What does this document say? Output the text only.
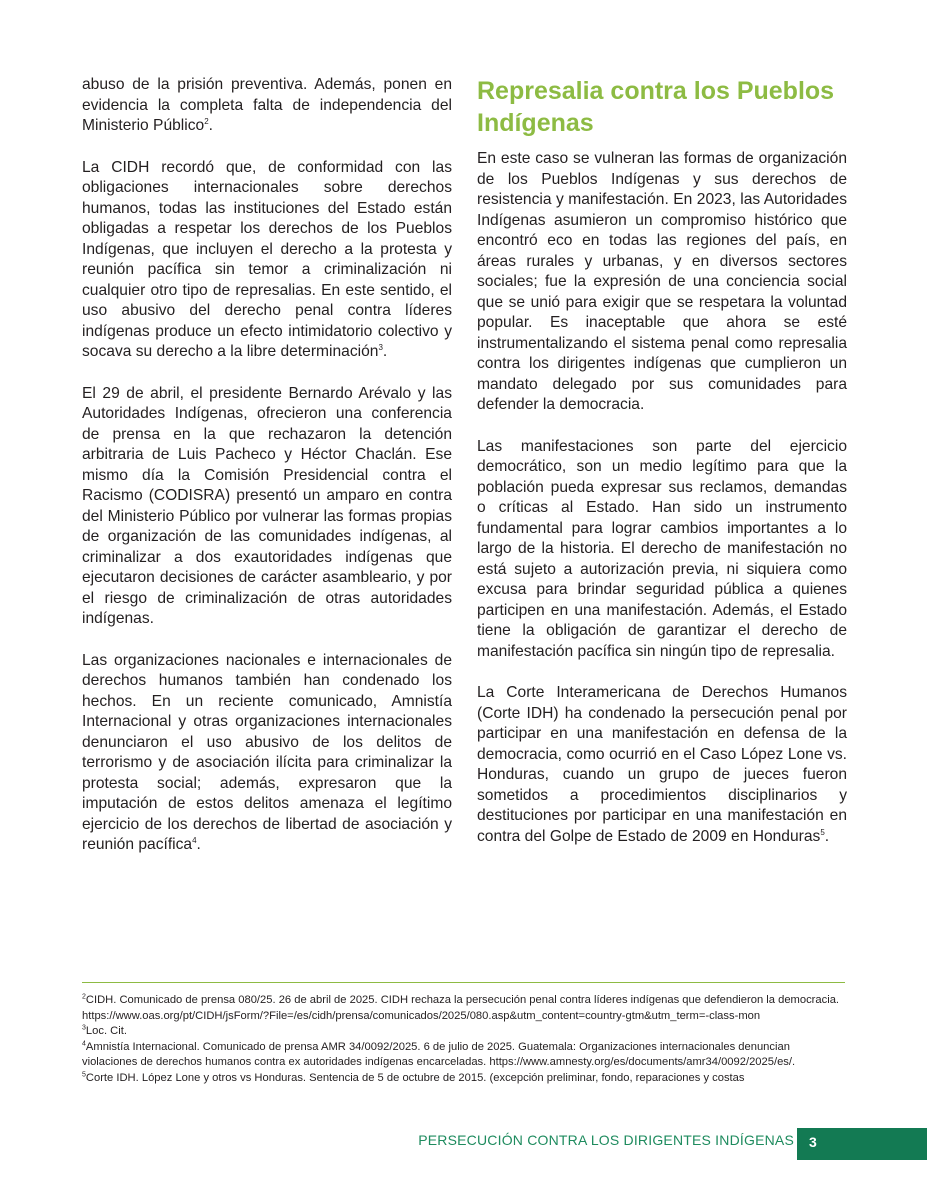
abuso de la prisión preventiva. Además, ponen en evidencia la completa falta de independencia del Ministerio Público$^2$.

La CIDH recordó que, de conformidad con las obligaciones internacionales sobre derechos humanos, todas las instituciones del Estado están obligadas a respetar los derechos de los Pueblos Indígenas, que incluyen el derecho a la protesta y reunión pacífica sin temor a criminalización ni cualquier otro tipo de represalias. En este sentido, el uso abusivo del derecho penal contra líderes indígenas produce un efecto intimidatorio colectivo y socava su derecho a la libre determinación$^3$.

El 29 de abril, el presidente Bernardo Arévalo y las Autoridades Indígenas, ofrecieron una conferencia de prensa en la que rechazaron la detención arbitraria de Luis Pacheco y Héctor Chaclán. Ese mismo día la Comisión Presidencial contra el Racismo (CODISRA) presentó un amparo en contra del Ministerio Público por vulnerar las formas propias de organización de las comunidades indígenas, al criminalizar a dos exautoridades indígenas que ejecutaron decisiones de carácter asambleario, y por el riesgo de criminalización de otras autoridades indígenas.

Las organizaciones nacionales e internacionales de derechos humanos también han condenado los hechos. En un reciente comunicado, Amnistía Internacional y otras organizaciones internacionales denunciaron el uso abusivo de los delitos de terrorismo y de asociación ilícita para criminalizar la protesta social; además, expresaron que la imputación de estos delitos amenaza el legítimo ejercicio de los derechos de libertad de asociación y reunión pacífica$^4$.

Represalia contra los Pueblos Indígenas

En este caso se vulneran las formas de organización de los Pueblos Indígenas y sus derechos de resistencia y manifestación. En 2023, las Autoridades Indígenas asumieron un compromiso histórico que encontró eco en todas las regiones del país, en áreas rurales y urbanas, y en diversos sectores sociales; fue la expresión de una conciencia social que se unió para exigir que se respetara la voluntad popular. Es inaceptable que ahora se esté instrumentalizando el sistema penal como represalia contra los dirigentes indígenas que cumplieron un mandato delegado por sus comunidades para defender la democracia.

Las manifestaciones son parte del ejercicio democrático, son un medio legítimo para que la población pueda expresar sus reclamos, demandas o críticas al Estado. Han sido un instrumento fundamental para lograr cambios importantes a lo largo de la historia. El derecho de manifestación no está sujeto a autorización previa, ni siquiera como excusa para brindar seguridad pública a quienes participen en una manifestación. Además, el Estado tiene la obligación de garantizar el derecho de manifestación pacífica sin ningún tipo de represalia.

La Corte Interamericana de Derechos Humanos (Corte IDH) ha condenado la persecución penal por participar en una manifestación en defensa de la democracia, como ocurrió en el Caso López Lone vs. Honduras, cuando un grupo de jueces fueron sometidos a procedimientos disciplinarios y destituciones por participar en una manifestación en contra del Golpe de Estado de 2009 en Honduras$^5$.

$^2$CIDH. Comunicado de prensa 080/25. 26 de abril de 2025. CIDH rechaza la persecución penal contra líderes indígenas que defendieron la democracia. https://www.oas.org/pt/CIDH/jsForm/?File=/es/cidh/prensa/comunicados/2025/080.asp&utm_content=country-gtm&utm_term=-class-mon
$^3$Loc. Cit.
$^4$Amnistía Internacional. Comunicado de prensa AMR 34/0092/2025. 6 de julio de 2025. Guatemala: Organizaciones internacionales denuncian violaciones de derechos humanos contra ex autoridades indígenas encarceladas. https://www.amnesty.org/es/documents/amr34/0092/2025/es/.
$^5$Corte IDH. López Lone y otros vs Honduras. Sentencia de 5 de octubre de 2015. (excepción preliminar, fondo, reparaciones y costas
PERSECUCIÓN CONTRA LOS DIRIGENTES INDÍGENAS 3
